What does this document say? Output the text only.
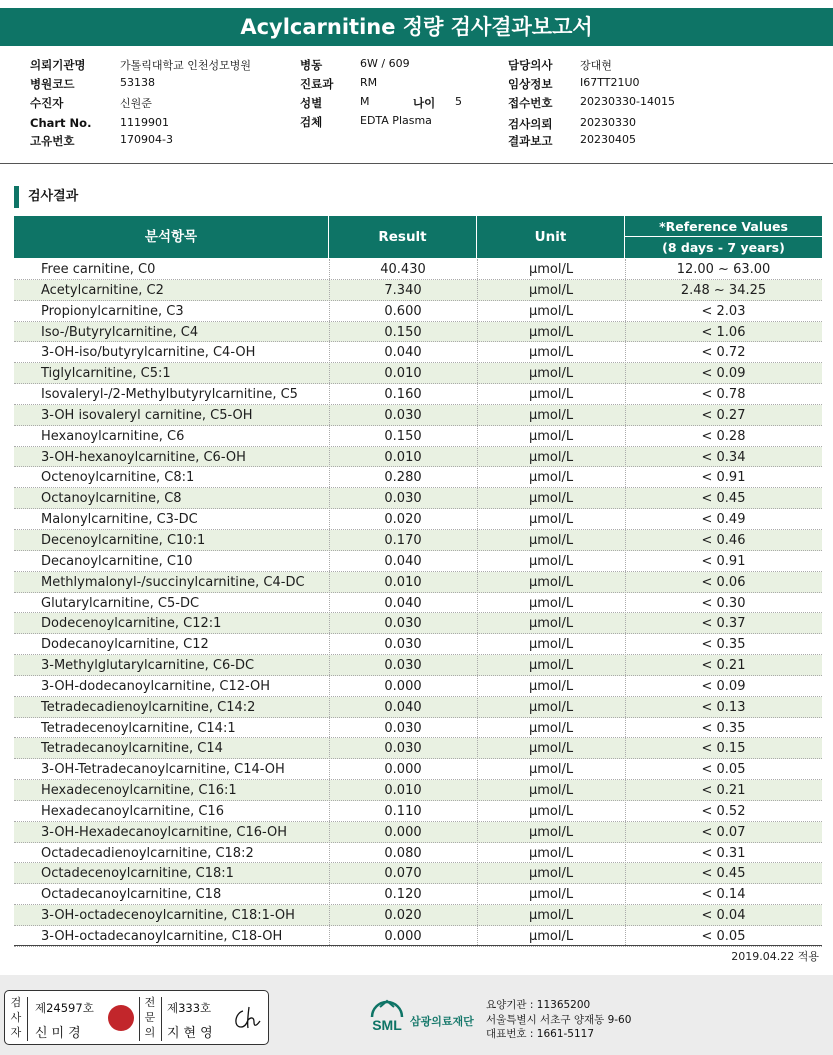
Acylcarnitine 정량 검사결과보고서
의뢰기관명	가톨릭대학교 인천성모병원
병원코드	53138
수진자	신원준
Chart No.	1119901
고유번호	170904-3
병동	6W / 609
진료과 RM
성별	M	나이 5
검체	EDTA Plasma
담당의사	장대현
임상정보	I67TT21U0
접수번호	20230330-14015
검사의뢰	20230330
결과보고	20230405
검사결과
분석항목	Result	Unit
*Reference Values
(8 days - 7 years)
Free carnitine, C0	40.430	μmol/L	12.00 ~ 63.00
Acetylcarnitine, C2	7.340	μmol/L	2.48 ~ 34.25
Propionylcarnitine, C3	0.600	μmol/L	< 2.03
Iso-/Butyrylcarnitine, C4	0.150	μmol/L	< 1.06
3-OH-iso/butyrylcarnitine, C4-OH	0.040	μmol/L	< 0.72
Tiglylcarnitine, C5:1	0.010	μmol/L	< 0.09
Isovaleryl-/2-Methylbutyrylcarnitine, C5	0.160	μmol/L	< 0.78
3-OH isovaleryl carnitine, C5-OH	0.030	μmol/L	< 0.27
Hexanoylcarnitine, C6	0.150	μmol/L	< 0.28
3-OH-hexanoylcarnitine, C6-OH	0.010	μmol/L	< 0.34
Octenoylcarnitine, C8:1	0.280	μmol/L	< 0.91
Octanoylcarnitine, C8	0.030	μmol/L	< 0.45
Malonylcarnitine, C3-DC	0.020	μmol/L	< 0.49
Decenoylcarnitine, C10:1	0.170	μmol/L	< 0.46
Decanoylcarnitine, C10	0.040	μmol/L	< 0.91
Methlymalonyl-/succinylcarnitine, C4-DC	0.010	μmol/L	< 0.06
Glutarylcarnitine, C5-DC	0.040	μmol/L	< 0.30
Dodecenoylcarnitine, C12:1	0.030	μmol/L	< 0.37
Dodecanoylcarnitine, C12	0.030	μmol/L	< 0.35
3-Methylglutarylcarnitine, C6-DC	0.030	μmol/L	< 0.21
3-OH-dodecanoylcarnitine, C12-OH	0.000	μmol/L	< 0.09
Tetradecadienoylcarnitine, C14:2	0.040	μmol/L	< 0.13
Tetradecenoylcarnitine, C14:1	0.030	μmol/L	< 0.35
Tetradecanoylcarnitine, C14	0.030	μmol/L	< 0.15
3-OH-Tetradecanoylcarnitine, C14-OH	0.000	μmol/L	< 0.05
Hexadecenoylcarnitine, C16:1	0.010	μmol/L	< 0.21
Hexadecanoylcarnitine, C16	0.110	μmol/L	< 0.52
3-OH-Hexadecanoylcarnitine, C16-OH	0.000	μmol/L	< 0.07
Octadecadienoylcarnitine, C18:2	0.080	μmol/L	< 0.31
Octadecenoylcarnitine, C18:1	0.070	μmol/L	< 0.45
Octadecanoylcarnitine, C18	0.120	μmol/L	< 0.14
3-OH-octadecenoylcarnitine, C18:1-OH	0.020	μmol/L	< 0.04
3-OH-octadecanoylcarnitine, C18-OH	0.000	μmol/L	< 0.05
2019.04.22 적용
검
사
자
제24597호
신미경
전
문
의
제333호
지현영
SML 삼광의료재단
요양기관 : 11365200
서울특별시 서초구 양재동 9-60
대표번호 : 1661-5117
